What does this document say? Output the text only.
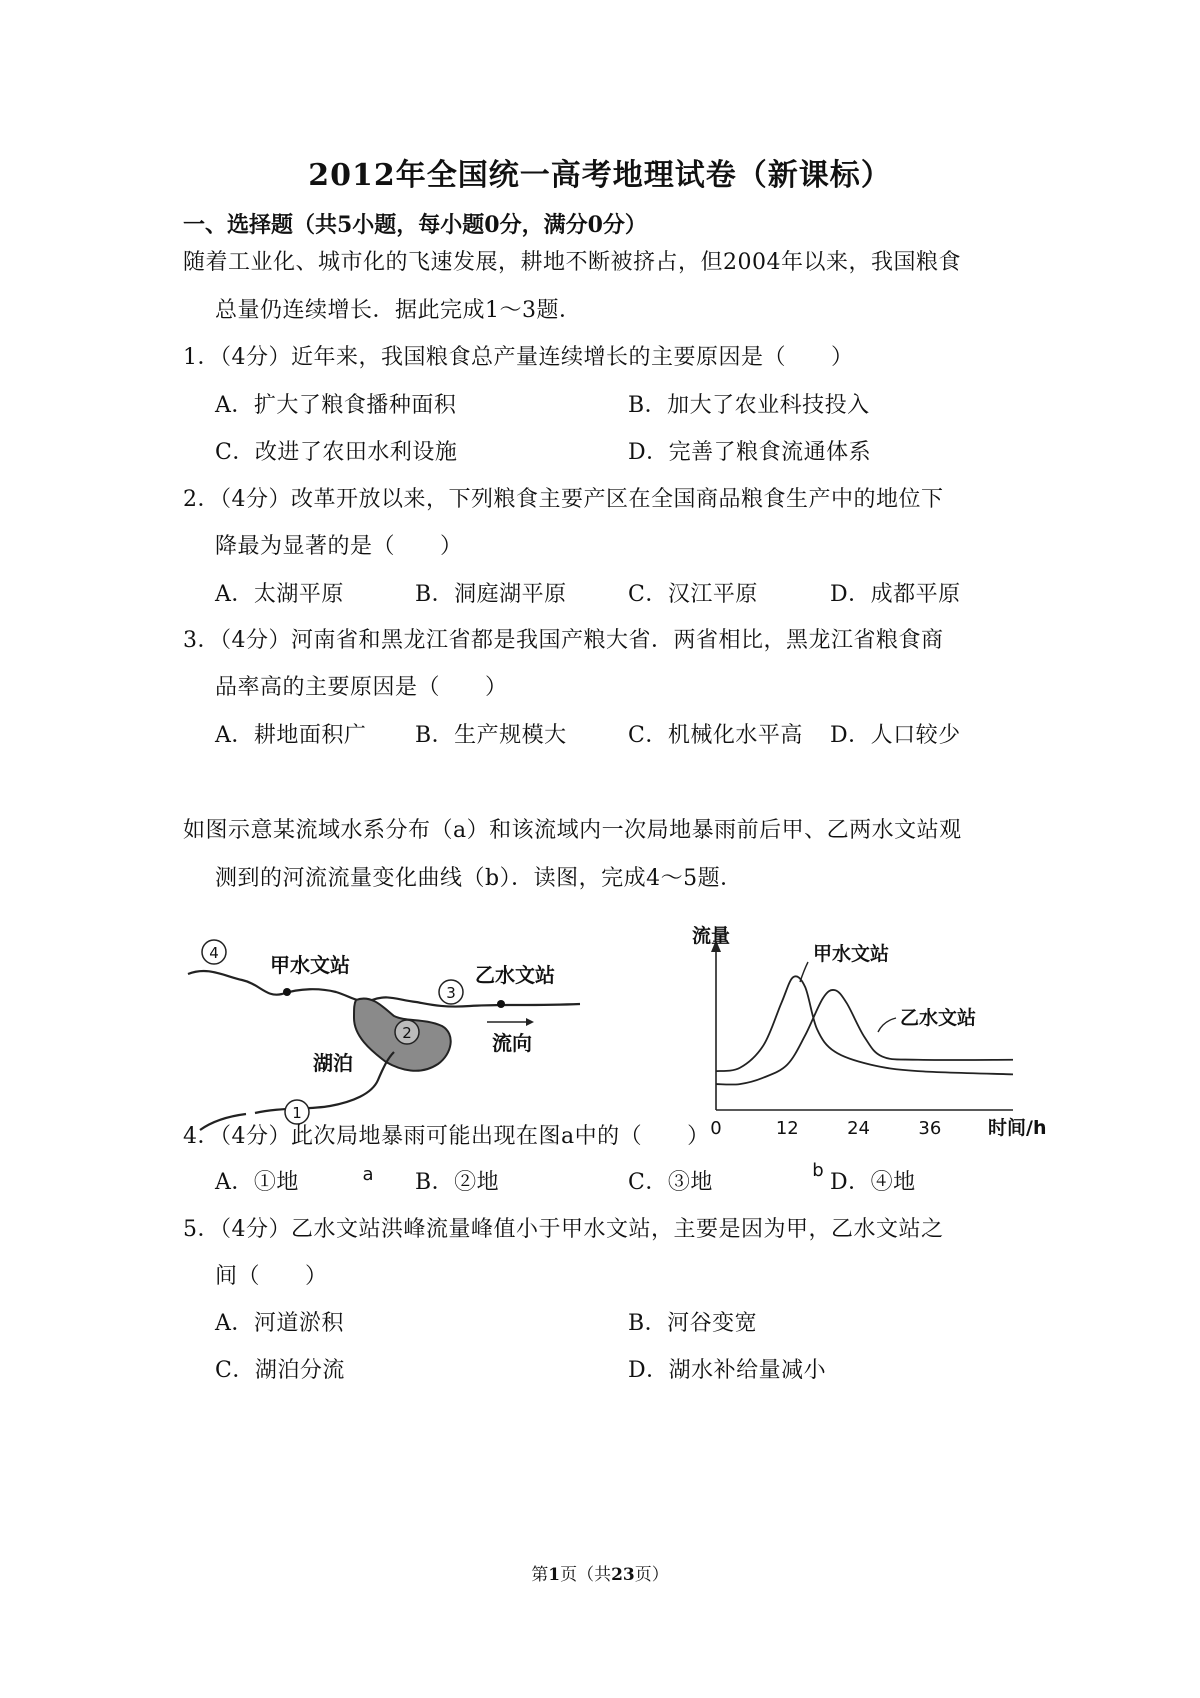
2012年全国统一高考地理试卷（新课标）
一、选择题（共5小题，每小题0分，满分0分）
随着工业化、城市化的飞速发展，耕地不断被挤占，但2004年以来，我国粮食
总量仍连续增长．据此完成1～3题．
1．（4分）近年来，我国粮食总产量连续增长的主要原因是（　　）
A．扩大了粮食播种面积	B．加大了农业科技投入
C．改进了农田水利设施	D．完善了粮食流通体系
2．（4分）改革开放以来，下列粮食主要产区在全国商品粮食生产中的地位下
降最为显著的是（　　）
A．太湖平原	B．洞庭湖平原	C．汉江平原	D．成都平原
3．（4分）河南省和黑龙江省都是我国产粮大省．两省相比，黑龙江省粮食商
品率高的主要原因是（　　）
A．耕地面积广 B．生产规模大	C．机械化水平高 D．人口较少
如图示意某流域水系分布（a）和该流域内一次局地暴雨前后甲、乙两水文站观
测到的河流流量变化曲线（b）．读图，完成4～5题．
4
3
2
1
甲水文站	乙水文站
湖泊
流向
a
流量
时间/h
0	12	24	36
甲水文站
乙水文站
b
4．（4分）此次局地暴雨可能出现在图a中的（　　）
A．①地	B．②地	C．③地	D．④地
5．（4分）乙水文站洪峰流量峰值小于甲水文站，主要是因为甲，乙水文站之
间（　　）
A．河道淤积	B．河谷变宽
C．湖泊分流	D．湖水补给量减小
第1页（共23页）
